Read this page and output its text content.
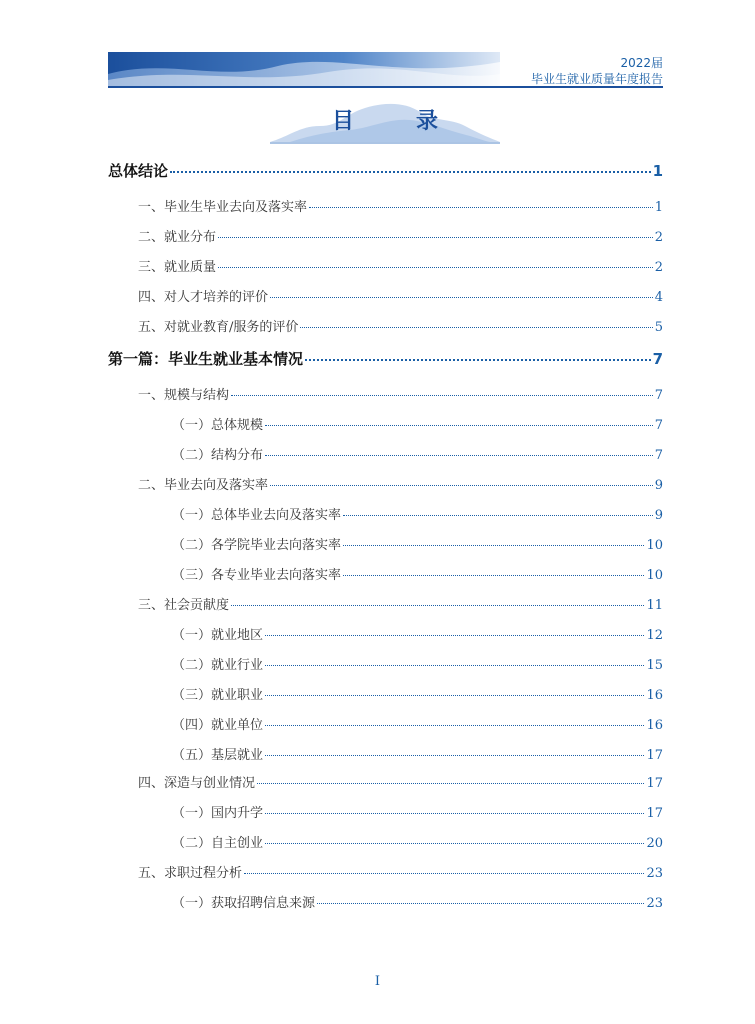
2022届
毕业生就业质量年度报告
目　录
总体结论	1
一、毕业生毕业去向及落实率	1
二、就业分布	2
三、就业质量	2
四、对人才培养的评价	4
五、对就业教育/服务的评价	5
第一篇：毕业生就业基本情况	7
一、规模与结构	7
（一）总体规模	7
（二）结构分布	7
二、毕业去向及落实率	9
（一）总体毕业去向及落实率	9
（二）各学院毕业去向落实率	10
（三）各专业毕业去向落实率	10
三、社会贡献度	11
（一）就业地区	12
（二）就业行业	15
（三）就业职业	16
（四）就业单位	16
（五）基层就业	17
四、深造与创业情况	17
（一）国内升学	17
（二）自主创业	20
五、求职过程分析	23
（一）获取招聘信息来源	23
I
